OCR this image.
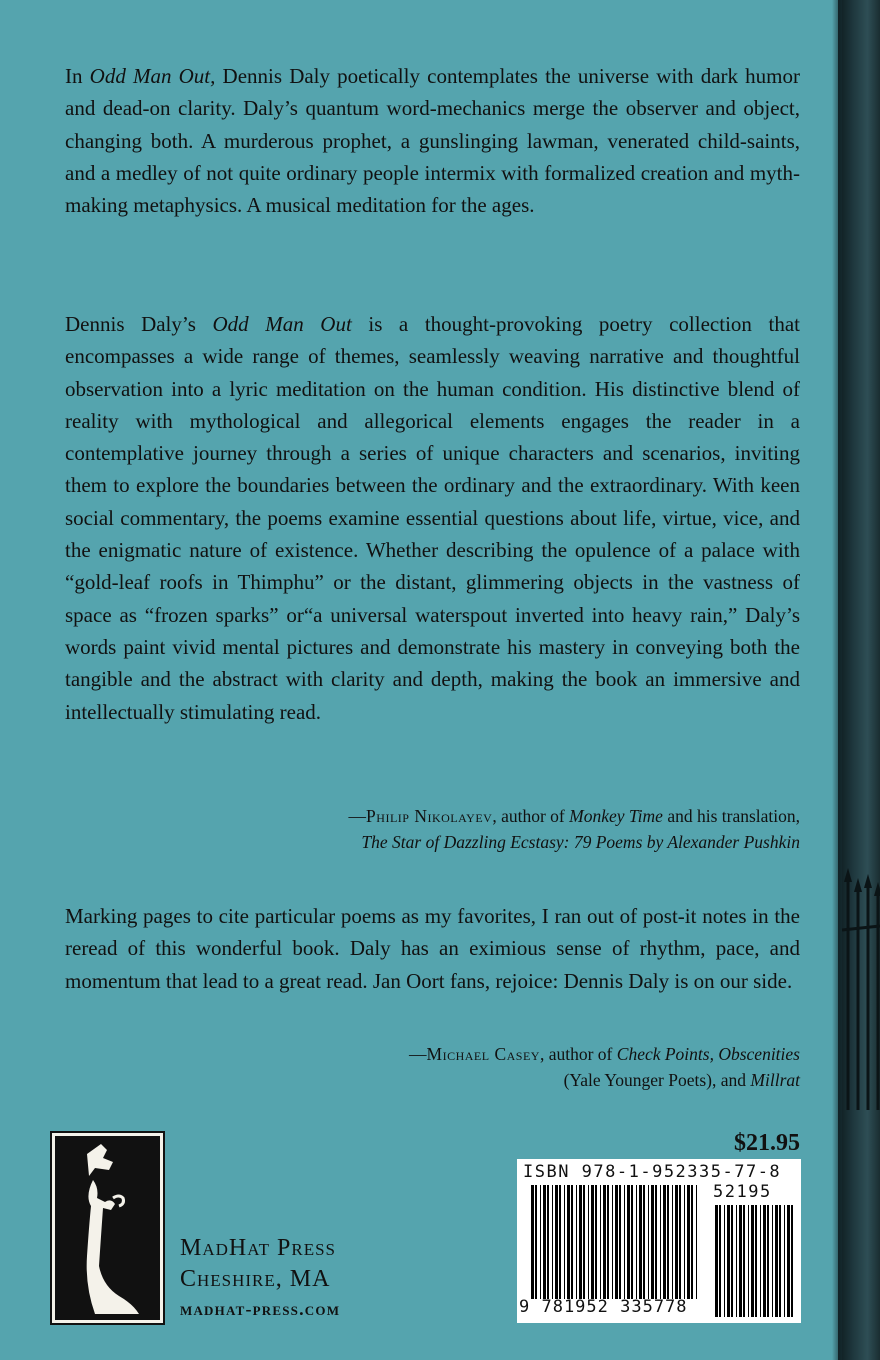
In Odd Man Out, Dennis Daly poetically contemplates the universe with dark humor and dead-on clarity. Daly’s quantum word-mechanics merge the observer and object, changing both. A murderous prophet, a gunslinging lawman, venerated child-saints, and a medley of not quite ordinary people intermix with formalized creation and myth-making metaphysics. A musical meditation for the ages.

Dennis Daly’s Odd Man Out is a thought-provoking poetry collection that encompasses a wide range of themes, seamlessly weaving narrative and thoughtful observation into a lyric meditation on the human condition. His distinctive blend of reality with mythological and allegorical elements engages the reader in a contemplative journey through a series of unique characters and scenarios, inviting them to explore the boundaries between the ordinary and the extraordinary. With keen social commentary, the poems examine essential questions about life, virtue, vice, and the enigmatic nature of existence. Whether describing the opulence of a palace with “gold-leaf roofs in Thimphu” or the distant, glimmering objects in the vastness of space as “frozen sparks” or“a universal waterspout inverted into heavy rain,” Daly’s words paint vivid mental pictures and demonstrate his mastery in conveying both the tangible and the abstract with clarity and depth, making the book an immersive and intellectually stimulating read.

—Philip Nikolayev, author of Monkey Time and his translation,
The Star of Dazzling Ecstasy: 79 Poems by Alexander Pushkin

Marking pages to cite particular poems as my favorites, I ran out of post-it notes in the reread of this wonderful book. Daly has an eximious sense of rhythm, pace, and momentum that lead to a great read. Jan Oort fans, rejoice: Dennis Daly is on our side.

—Michael Casey, author of Check Points, Obscenities
(Yale Younger Poets), and Millrat
MadHat Press
Cheshire, MA
madhat-press.com
$21.95
ISBN 978-1-952335-77-8
52195
9 781952 335778
